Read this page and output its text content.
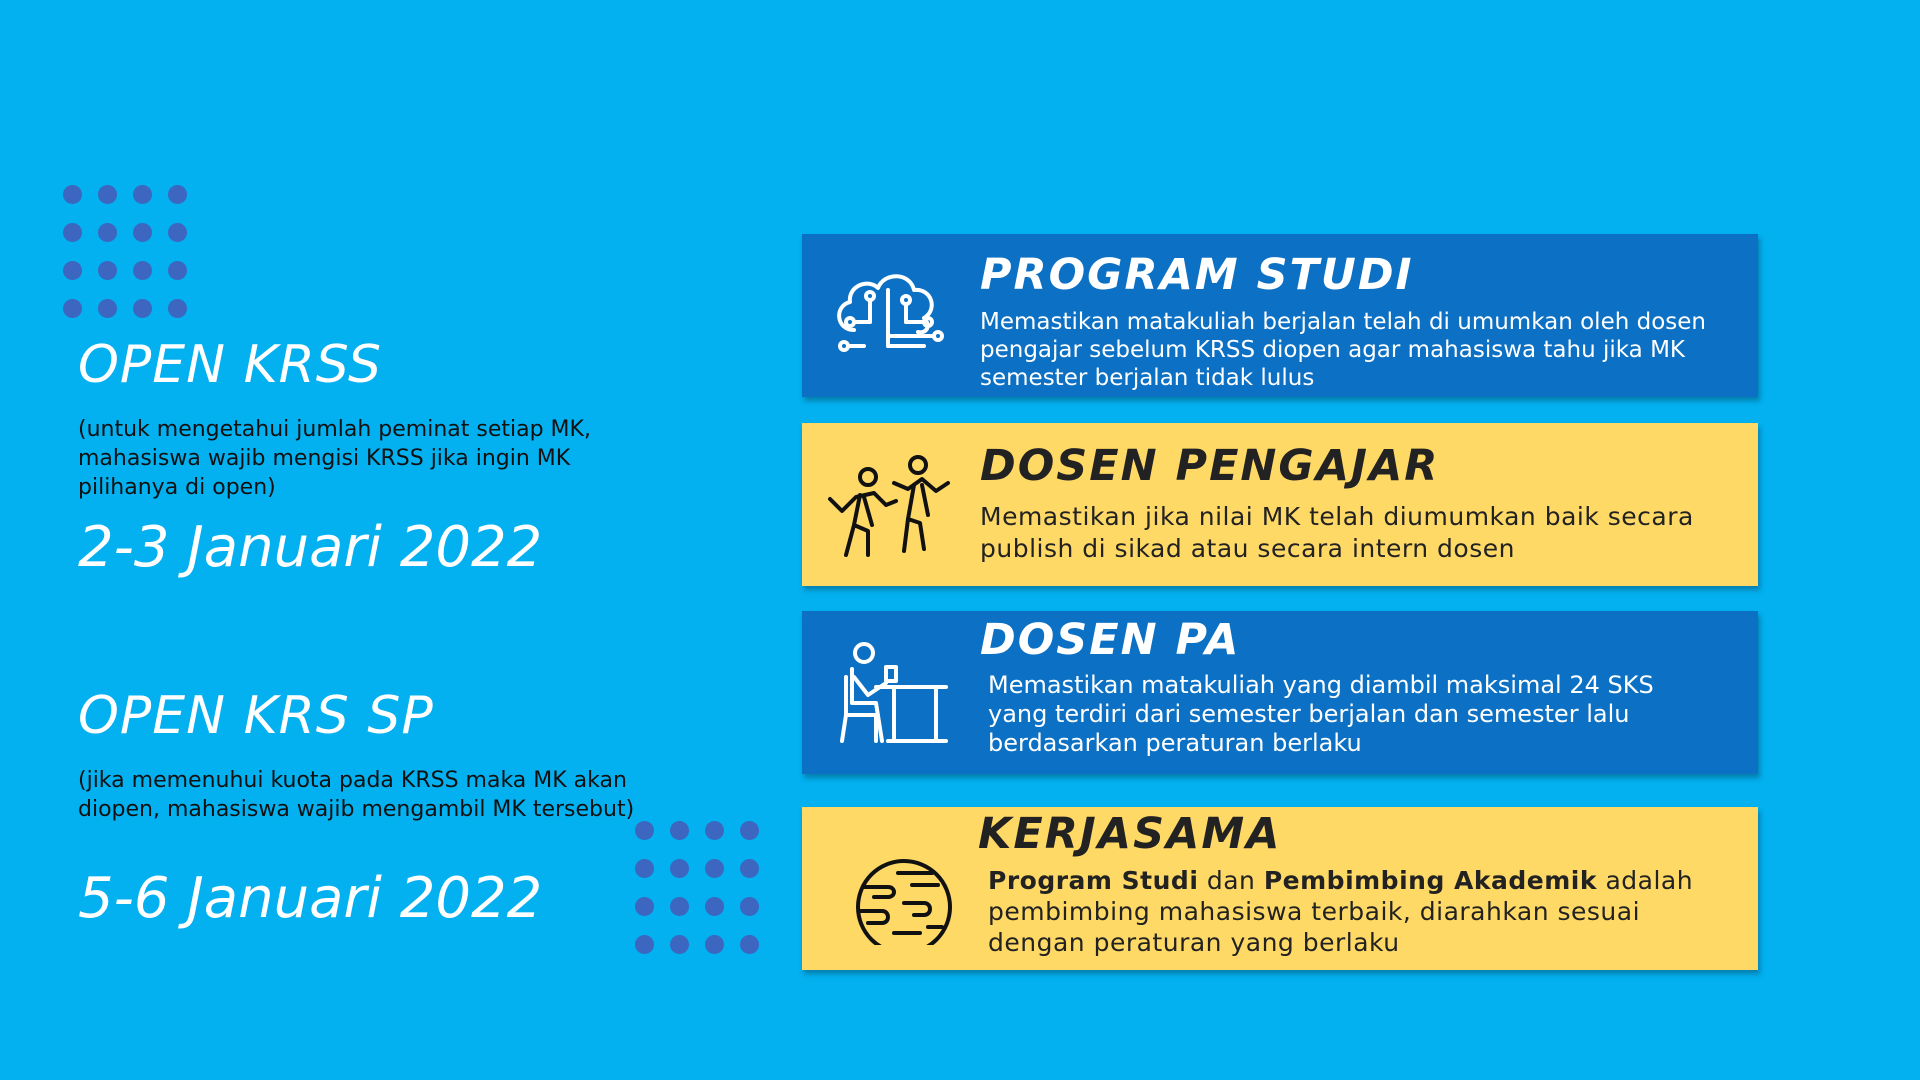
OPEN KRSS

(untuk mengetahui jumlah peminat setiap MK, mahasiswa wajib mengisi KRSS jika ingin MK pilihanya di open)

2-3 Januari 2022
OPEN KRS SP

(jika memenuhui kuota pada KRSS maka MK akan diopen, mahasiswa wajib mengambil MK tersebut)

5-6 Januari 2022
PROGRAM STUDI

Memastikan matakuliah berjalan telah di umumkan oleh dosen pengajar sebelum KRSS diopen agar mahasiswa tahu jika MK semester berjalan tidak lulus

DOSEN PENGAJAR

Memastikan jika nilai MK telah diumumkan baik secara publish di sikad atau secara intern dosen

DOSEN PA

Memastikan matakuliah yang diambil maksimal 24 SKS yang terdiri dari semester berjalan dan semester lalu berdasarkan peraturan berlaku

KERJASAMA

Program Studi dan Pembimbing Akademik adalah pembimbing mahasiswa terbaik, diarahkan sesuai dengan peraturan yang berlaku
